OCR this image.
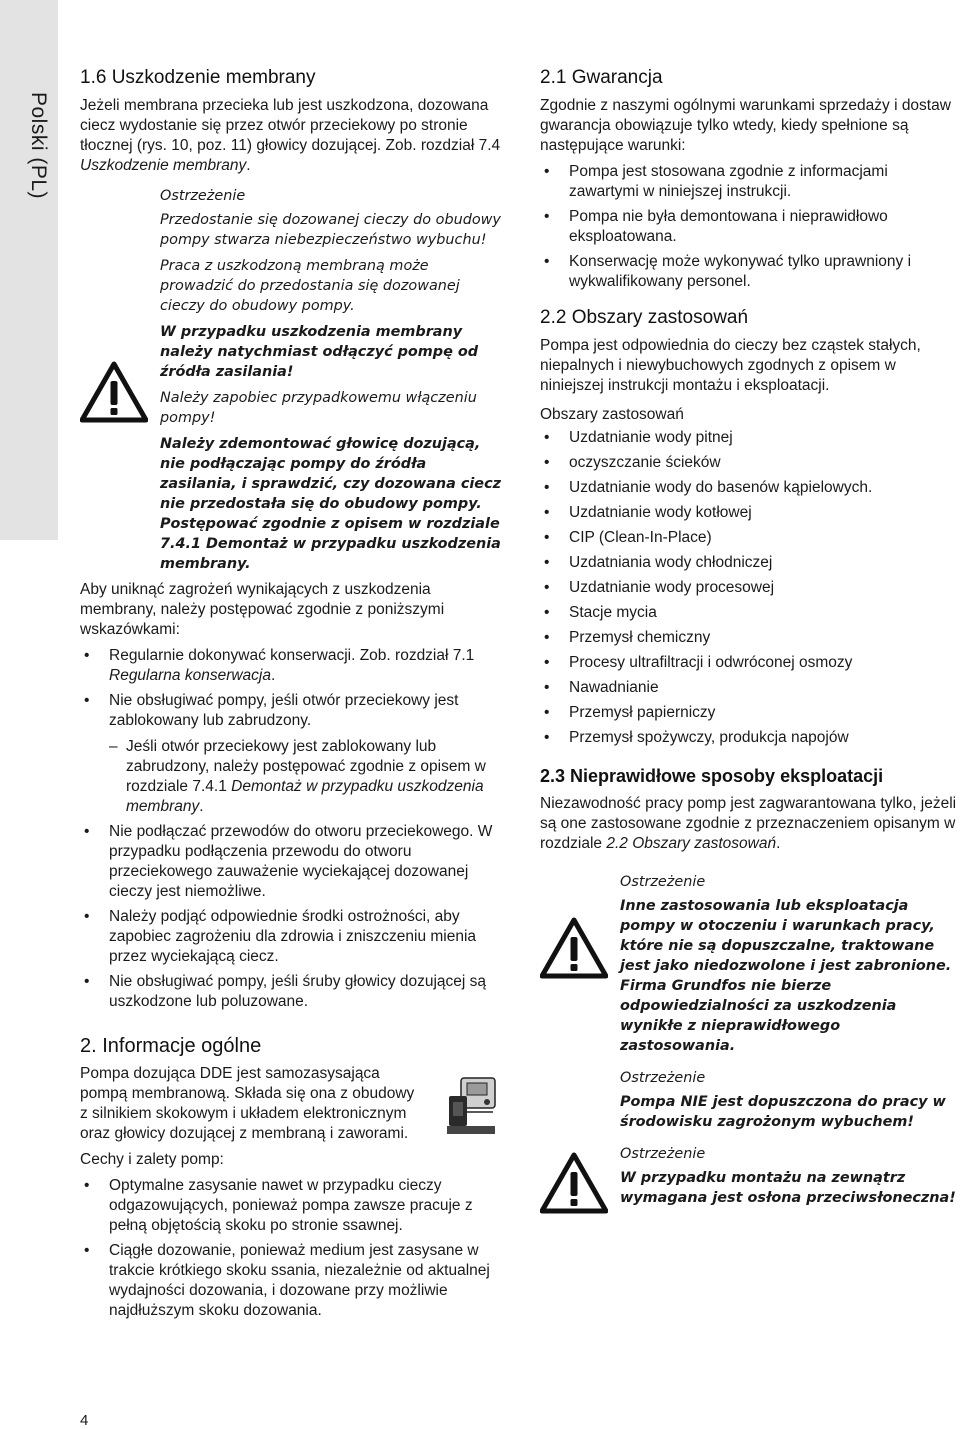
Polski (PL)
1.6 Uszkodzenie membrany

Jeżeli membrana przecieka lub jest uszkodzona, dozowana ciecz wydostanie się przez otwór przeciekowy po stronie tłocznej (rys. 10, poz. 11) głowicy dozującej. Zob. rozdział 7.4 Uszkodzenie membrany.

Ostrzeżenie
Przedostanie się dozowanej cieczy do obudowy pompy stwarza niebezpieczeństwo wybuchu!
Praca z uszkodzoną membraną może prowadzić do przedostania się dozowanej cieczy do obudowy pompy.
W przypadku uszkodzenia membrany należy natychmiast odłączyć pompę od źródła zasilania!
Należy zapobiec przypadkowemu włączeniu pompy!
Należy zdemontować głowicę dozującą, nie podłączając pompy do źródła zasilania, i sprawdzić, czy dozowana ciecz nie przedostała się do obudowy pompy. Postępować zgodnie z opisem w rozdziale 7.4.1 Demontaż w przypadku uszkodzenia membrany.

Aby uniknąć zagrożeń wynikających z uszkodzenia membrany, należy postępować zgodnie z poniższymi wskazówkami:

• Regularnie dokonywać konserwacji. Zob. rozdział 7.1 Regularna konserwacja.
• Nie obsługiwać pompy, jeśli otwór przeciekowy jest zablokowany lub zabrudzony.
– Jeśli otwór przeciekowy jest zablokowany lub zabrudzony, należy postępować zgodnie z opisem w rozdziale 7.4.1 Demontaż w przypadku uszkodzenia membrany.
• Nie podłączać przewodów do otworu przeciekowego. W przypadku podłączenia przewodu do otworu przeciekowego zauważenie wyciekającej dozowanej cieczy jest niemożliwe.
• Należy podjąć odpowiednie środki ostrożności, aby zapobiec zagrożeniu dla zdrowia i zniszczeniu mienia przez wyciekającą ciecz.
• Nie obsługiwać pompy, jeśli śruby głowicy dozującej są uszkodzone lub poluzowane.
2. Informacje ogólne

Pompa dozująca DDE jest samozasysająca pompą membranową. Składa się ona z obudowy z silnikiem skokowym i układem elektronicznym oraz głowicy dozującej z membraną i zaworami.

Cechy i zalety pomp:

• Optymalne zasysanie nawet w przypadku cieczy odgazowujących, ponieważ pompa zawsze pracuje z pełną objętością skoku po stronie ssawnej.
• Ciągłe dozowanie, ponieważ medium jest zasysane w trakcie krótkiego skoku ssania, niezależnie od aktualnej wydajności dozowania, i dozowane przy możliwie najdłuższym skoku dozowania.
2.1 Gwarancja

Zgodnie z naszymi ogólnymi warunkami sprzedaży i dostaw gwarancja obowiązuje tylko wtedy, kiedy spełnione są następujące warunki:

• Pompa jest stosowana zgodnie z informacjami zawartymi w niniejszej instrukcji.
• Pompa nie była demontowana i nieprawidłowo eksploatowana.
• Konserwację może wykonywać tylko uprawniony i wykwalifikowany personel.
2.2 Obszary zastosowań

Pompa jest odpowiednia do cieczy bez cząstek stałych, niepalnych i niewybuchowych zgodnych z opisem w niniejszej instrukcji montażu i eksploatacji.

Obszary zastosowań
• Uzdatnianie wody pitnej
• oczyszczanie ścieków
• Uzdatnianie wody do basenów kąpielowych.
• Uzdatnianie wody kotłowej
• CIP (Clean-In-Place)
• Uzdatniania wody chłodniczej
• Uzdatnianie wody procesowej
• Stacje mycia
• Przemysł chemiczny
• Procesy ultrafiltracji i odwróconej osmozy
• Nawadnianie
• Przemysł papierniczy
• Przemysł spożywczy, produkcja napojów
2.3 Nieprawidłowe sposoby eksploatacji

Niezawodność pracy pomp jest zagwarantowana tylko, jeżeli są one zastosowane zgodnie z przeznaczeniem opisanym w rozdziale 2.2 Obszary zastosowań.

Ostrzeżenie
Inne zastosowania lub eksploatacja pompy w otoczeniu i warunkach pracy, które nie są dopuszczalne, traktowane jest jako niedozwolone i jest zabronione. Firma Grundfos nie bierze odpowiedzialności za uszkodzenia wynikłe z nieprawidłowego zastosowania.
Ostrzeżenie
Pompa NIE jest dopuszczona do pracy w środowisku zagrożonym wybuchem!
Ostrzeżenie
W przypadku montażu na zewnątrz wymagana jest osłona przeciwsłoneczna!
4
